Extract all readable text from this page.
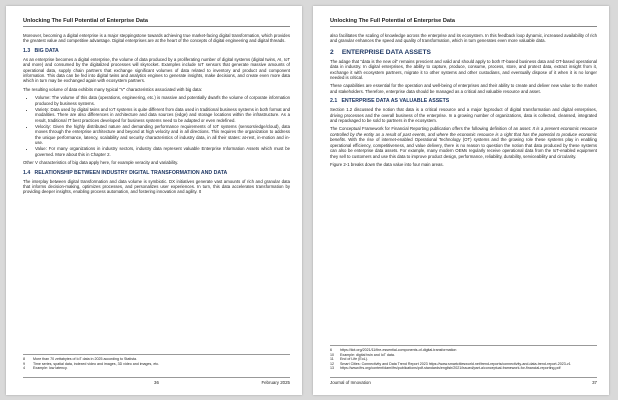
Unlocking The Full Potential of Enterprise Data

Moreover, becoming a digital enterprise is a major steppingstone towards achieving true market-facing digital transformation, which provides the greatest value and competitive advantage. Digital enterprises are at the heart of the concepts of digital engineering and digital threads.

1.3 BIG DATA

As an enterprise becomes a digital enterprise, the volume of data produced by a proliferating number of digital systems (digital twins, AI, IoT and more) and consumed by the digitalized processes will skyrocket. Examples include IoT sensors that generate massive amounts of operational data, supply chain partners that exchange significant volumes of data related to inventory and product and component information. This data can be fed into digital twins and analytics engines to generate insights, make decisions, and create even more data which in turn may be exchanged again with ecosystem partners.

The resulting volume of data exhibits many typical "V" characteristics associated with big data:

• Volume: The volume of this data (operations, engineering, etc.) is massive and potentially dwarfs the volume of corporate information produced by business systems.
• Variety: Data used by digital twins and IoT systems is quite different from data used in traditional business systems in both format and modalities. There are also differences in architecture and data sources (edge) and storage locations within the infrastructure. As a result, traditional IT best practices developed for business systems need to be adapted or even redefined.
• Velocity: Given the highly distributed nature and demanding performance requirements of IoT systems (sensors/edge/cloud), data moves through the enterprise architecture and beyond at high velocity and in all directions. This requires the organization to address the unique performance, latency, scalability and security characteristics of industry data, in all their states: at-rest, in-motion and in-use.
• Value: For many organizations in industry sectors, industry data represent valuable Enterprise Information Assets which must be governed. More about this in Chapter 2.

Other V characteristics of big data apply here, for example veracity and variability.

1.4 RELATIONSHIP BETWEEN INDUSTRY DIGITAL TRANSFORMATION AND DATA

The interplay between digital transformation and data volume is symbiotic. DX initiatives generate vast amounts of rich and granular data that informs decision-making, optimizes processes, and personalizes user experiences. In turn, this data accelerates transformation by providing deeper insights, enabling process automation, and fostering innovation and agility. It

8	More than 70 zettabytes of IoT data in 2025 according to Statista.
9	Time series, spatial data, indexed video and images, 3D video and images, etc.
4	Example: low latency.
36	February 2025
Unlocking The Full Potential of Enterprise Data

also facilitates the scaling of knowledge across the enterprise and its ecosystem. In this feedback loop dynamic, increased availability of rich and granular enhances the speed and quality of transformation, which in turn generates even more valuable data.

2 ENTERPRISE DATA ASSETS

The adage that "data is the new oil" remains prescient and valid and should apply to both IT-based business data and OT-based operational data in industry. In digital enterprises, the ability to capture, produce, consume, process, store, and protect data, extract insight from it, exchange it with ecosystem partners, migrate it to other systems and other custodians, and eventually dispose of it when it is no longer needed is critical.

These capabilities are essential for the operation and well-being of enterprises and their ability to create and deliver new value to the market and stakeholders. Therefore, enterprise data should be managed as a critical and valuable resource and asset.

2.1 ENTERPRISE DATA AS VALUABLE ASSETS

Section 1.2 discussed the notion that data is a critical resource and a major byproduct of digital transformation and digital enterprises, driving processes and the overall business of the enterprise. In a growing number of organizations, data is collected, cleansed, integrated and repackaged to be sold to partners in the ecosystem.

The Conceptual Framework for Financial Reporting publication offers the following definition of an asset: It is a present economic resource controlled by the entity as a result of past events, and where the economic resource is a right that has the potential to produce economic benefits. With the rise of internet-enabled Operational Technology (OT) systems and the growing role these systems play in enabling operational efficiency, competitiveness, and value delivery, there is no reason to question the notion that data produced by these systems can also be enterprise data assets. For example, many modern OEMs regularly receive operational data from the IoT-enabled equipment they sell to customers and use this data to improve product design, performance, reliability, durability, serviceability and circularity.

Figure 2-1 breaks down the data value into four main areas.

6	https://iiot.org/2021/11/the-essential-components-of-digital-transformation
10	Example: digital twin and IoT data.
11	End of Life (EoL).
12	Smart Cities: Connectivity and Data Trend Report 2023 https://www.smartcitiesworld.net/trend-reports/connectivity-and-data-trend-report-2023-v1
13	https://www.ifrs.org/content/dam/ifrs/publications/pdf-standards/english/2021/issued/part-a/conceptual-framework-for-financial-reporting.pdf
Journal of Innovation	37
